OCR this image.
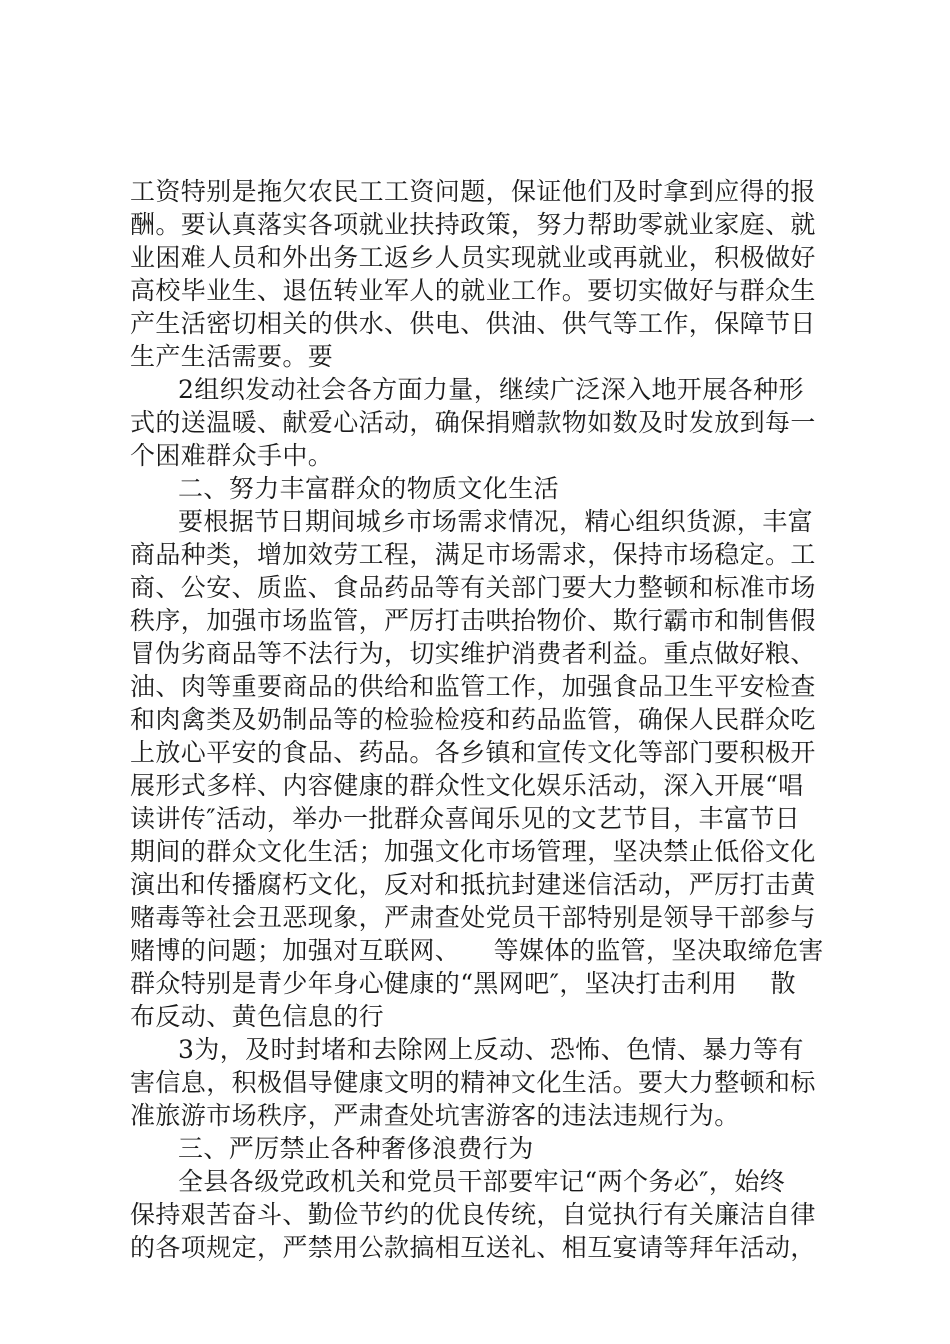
工资特别是拖欠农民工工资问题，保证他们及时拿到应得的报
酬。要认真落实各项就业扶持政策，努力帮助零就业家庭、就
业困难人员和外出务工返乡人员实现就业或再就业，积极做好
高校毕业生、退伍转业军人的就业工作。要切实做好与群众生
产生活密切相关的供水、供电、供油、供气等工作，保障节日
生产生活需要。要
2组织发动社会各方面力量，继续广泛深入地开展各种形
式的送温暖、献爱心活动，确保捐赠款物如数及时发放到每一
个困难群众手中。
二、努力丰富群众的物质文化生活
要根据节日期间城乡市场需求情况，精心组织货源，丰富
商品种类，增加效劳工程，满足市场需求，保持市场稳定。工
商、公安、质监、食品药品等有关部门要大力整顿和标准市场
秩序，加强市场监管，严厉打击哄抬物价、欺行霸市和制售假
冒伪劣商品等不法行为，切实维护消费者利益。重点做好粮、
油、肉等重要商品的供给和监管工作，加强食品卫生平安检查
和肉禽类及奶制品等的检验检疫和药品监管，确保人民群众吃
上放心平安的食品、药品。各乡镇和宣传文化等部门要积极开
展形式多样、内容健康的群众性文化娱乐活动，深入开展“唱
读讲传″活动，举办一批群众喜闻乐见的文艺节目，丰富节日
期间的群众文化生活；加强文化市场管理，坚决禁止低俗文化
演出和传播腐朽文化，反对和抵抗封建迷信活动，严厉打击黄
赌毒等社会丑恶现象，严肃查处党员干部特别是领导干部参与
赌博的问题；加强对互联网、    等媒体的监管，坚决取缔危害
群众特别是青少年身心健康的“黑网吧″，坚决打击利用    散
布反动、黄色信息的行
3为，及时封堵和去除网上反动、恐怖、色情、暴力等有
害信息，积极倡导健康文明的精神文化生活。要大力整顿和标
准旅游市场秩序，严肃查处坑害游客的违法违规行为。
三、严厉禁止各种奢侈浪费行为
全县各级党政机关和党员干部要牢记“两个务必″，始终
保持艰苦奋斗、勤俭节约的优良传统，自觉执行有关廉洁自律
的各项规定，严禁用公款搞相互送礼、相互宴请等拜年活动，
